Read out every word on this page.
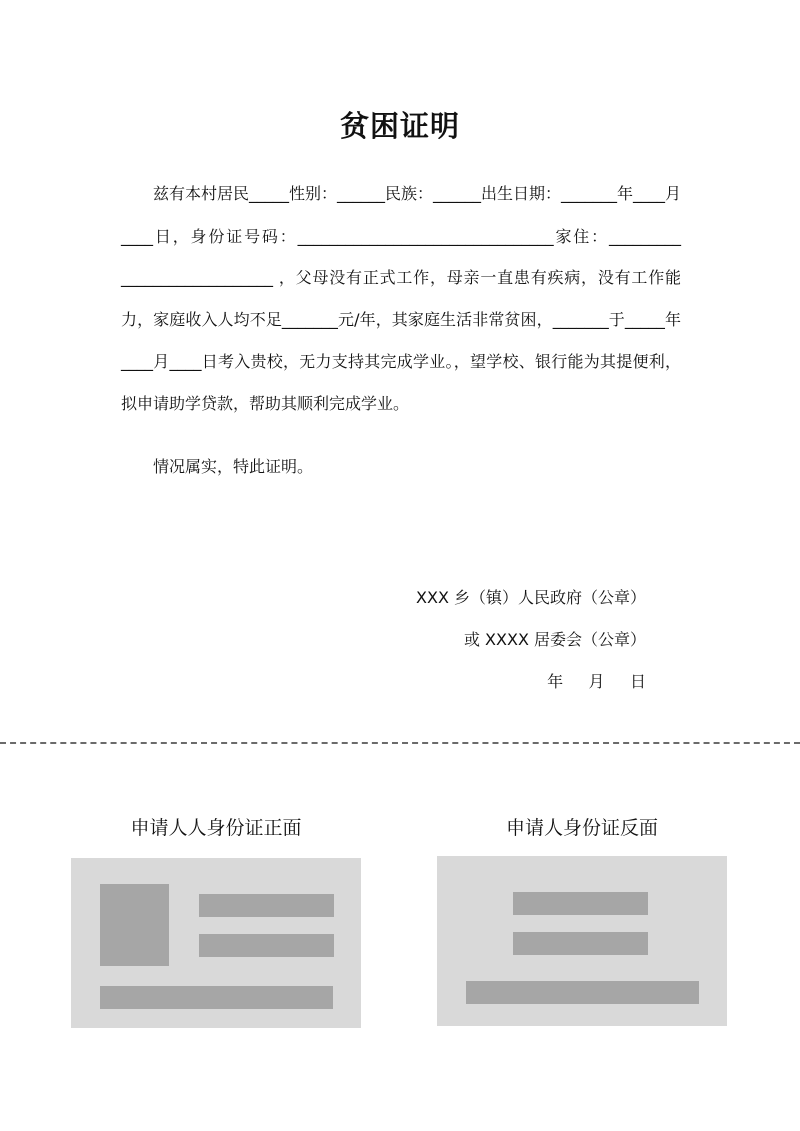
贫困证明
兹有本村居民_____性别：______民族：______出生日期：_______年____月
____日，身份证号码：________________________________家住：_________
___________________ ，父母没有正式工作，母亲一直患有疾病，没有工作能
力，家庭收入人均不足_______元/年，其家庭生活非常贫困，_______于_____年
____月____日考入贵校，无力支持其完成学业。，望学校、银行能为其提便利，
拟申请助学贷款，帮助其顺利完成学业。
情况属实，特此证明。
XXX 乡（镇）人民政府（公章）
或 XXXX 居委会（公章）
年     月     日
申请人人身份证正面	申请人身份证反面
